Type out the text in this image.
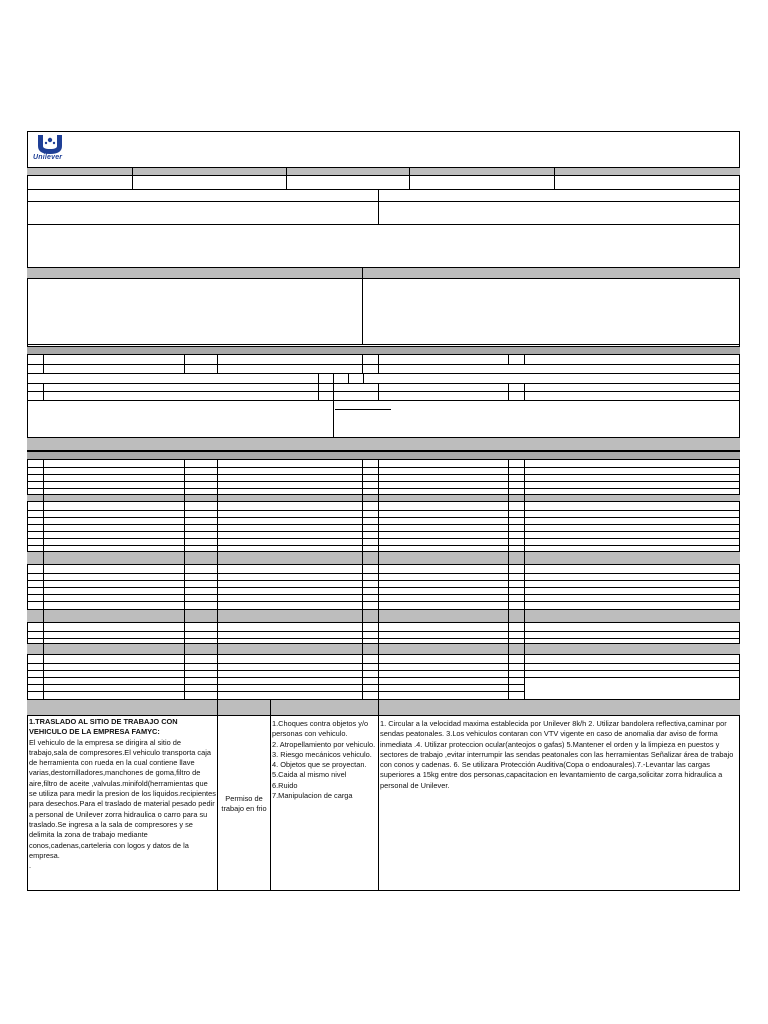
Unilever
1.TRASLADO AL SITIO DE TRABAJO CON VEHICULO DE LA EMPRESA FAMYC:
El vehiculo de la empresa se dirigira al sitio de trabajo,sala de compresores.El vehiculo transporta caja de herramienta con rueda en la cual contiene llave varias,destornilladores,manchones de goma,filtro de aire,filtro de aceite ,valvulas.minifold(herramientas que se utiliza para medir la presion de los liquidos.recipientes para desechos.Para el traslado de material pesado pedir a personal de Unilever zorra hidraulica o carro para su traslado.Se ingresa a la sala de compresores y se delimita la zona de trabajo mediante conos,cadenas,carteleria con logos y datos de la empresa.
.
Permiso de trabajo en frio
1.Choques contra objetos y/o personas con vehiculo.
2. Atropellamiento por vehiculo.
3. Riesgo mecánicos vehiculo.
4. Objetos que se proyectan.
5.Caida al mismo nivel
6.Ruido
7.Manipulacion de carga
1. Circular a la velocidad maxima establecida por Unilever 8k/h 2. Utilizar bandolera reflectiva,caminar por sendas peatonales. 3.Los vehiculos contaran con VTV vigente en caso de anomalia dar aviso de forma inmediata .4. Utilizar proteccion ocular(anteojos o gafas) 5.Mantener el orden y la limpieza en puestos y sectores de trabajo ,evitar interrumpir las sendas peatonales con las herramientas Señalizar área de trabajo con conos y cadenas. 6. Se utilizara Protección Auditiva(Copa o endoaurales).7.-Levantar las cargas superiores a 15kg entre dos personas,capacitacion en levantamiento de carga,solicitar zorra hidraulica a personal de Unilever.
